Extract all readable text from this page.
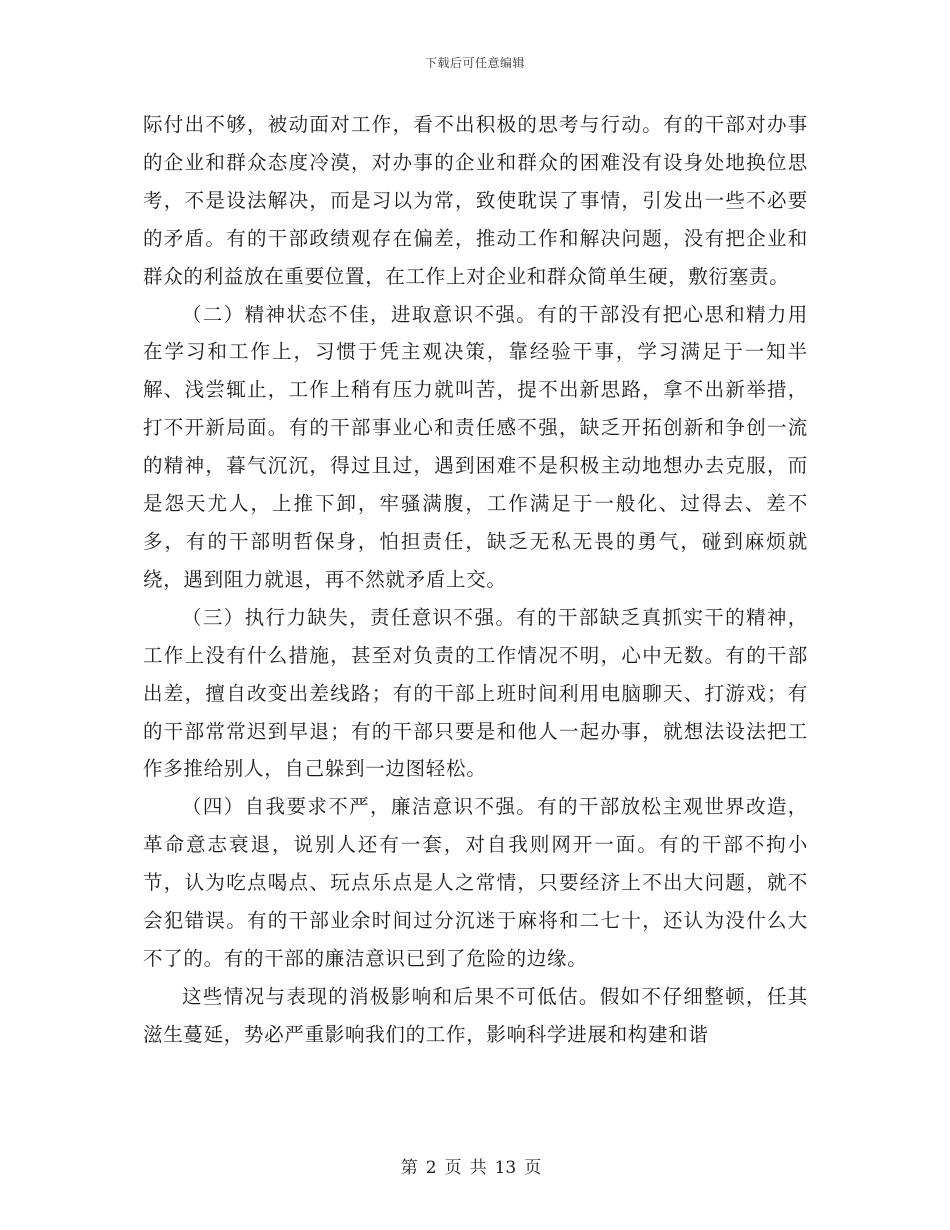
下载后可任意编辑

际付出不够，被动面对工作，看不出积极的思考与行动。有的干部对办事的企业和群众态度冷漠，对办事的企业和群众的困难没有设身处地换位思考，不是设法解决，而是习以为常，致使耽误了事情，引发出一些不必要的矛盾。有的干部政绩观存在偏差，推动工作和解决问题，没有把企业和群众的利益放在重要位置，在工作上对企业和群众简单生硬，敷衍塞责。

（二）精神状态不佳，进取意识不强。有的干部没有把心思和精力用在学习和工作上，习惯于凭主观决策，靠经验干事，学习满足于一知半解、浅尝辄止，工作上稍有压力就叫苦，提不出新思路，拿不出新举措，打不开新局面。有的干部事业心和责任感不强，缺乏开拓创新和争创一流的精神，暮气沉沉，得过且过，遇到困难不是积极主动地想办去克服，而是怨天尤人，上推下卸，牢骚满腹，工作满足于一般化、过得去、差不多，有的干部明哲保身，怕担责任，缺乏无私无畏的勇气，碰到麻烦就绕，遇到阻力就退，再不然就矛盾上交。

（三）执行力缺失，责任意识不强。有的干部缺乏真抓实干的精神，工作上没有什么措施，甚至对负责的工作情况不明，心中无数。有的干部出差，擅自改变出差线路；有的干部上班时间利用电脑聊天、打游戏；有的干部常常迟到早退；有的干部只要是和他人一起办事，就想法设法把工作多推给别人，自己躲到一边图轻松。

（四）自我要求不严，廉洁意识不强。有的干部放松主观世界改造，革命意志衰退，说别人还有一套，对自我则网开一面。有的干部不拘小节，认为吃点喝点、玩点乐点是人之常情，只要经济上不出大问题，就不会犯错误。有的干部业余时间过分沉迷于麻将和二七十，还认为没什么大不了的。有的干部的廉洁意识已到了危险的边缘。

这些情况与表现的消极影响和后果不可低估。假如不仔细整顿，任其滋生蔓延，势必严重影响我们的工作，影响科学进展和构建和谐

第 2 页 共 13 页
